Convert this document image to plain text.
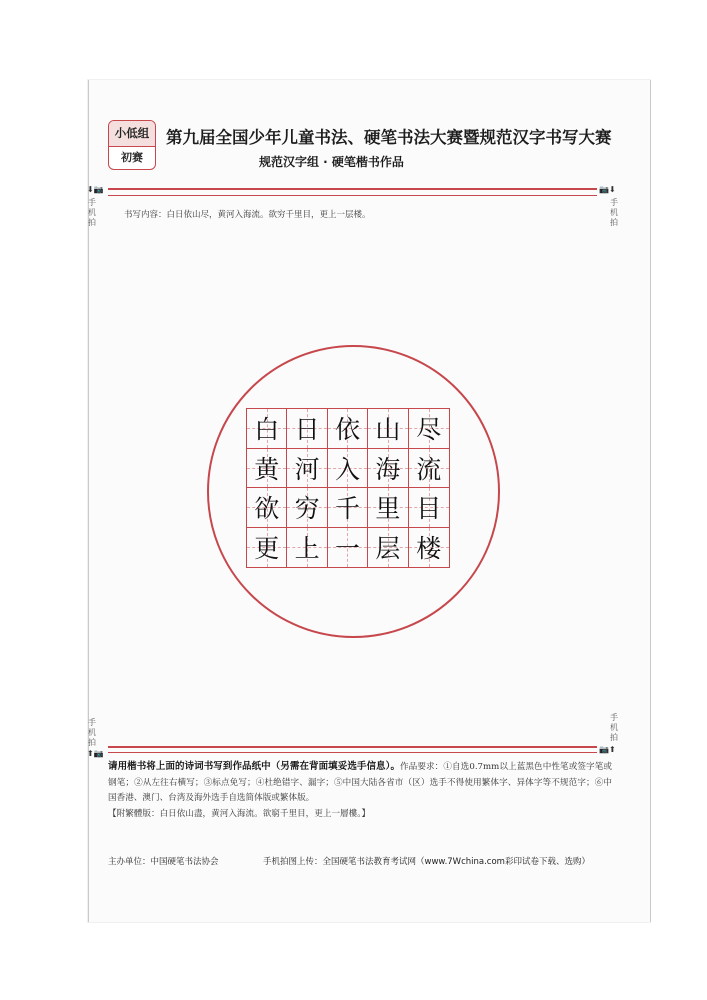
小低组
初赛
第九届全国少年儿童书法、硬笔书法大赛暨规范汉字书写大赛
规范汉字组 · 硬笔楷书作品
⬇📷	📷⬇
手机拍
手机拍
书写内容：白日依山尽，黄河入海流。欲穷千里目，更上一层楼。
白 日 依 山 尽
黄 河 入 海 流
欲 穷 千 里 目
更 上 一 层 楼
手机拍
手机拍
⬆📷	📷⬆
请用楷书将上面的诗词书写到作品纸中（另需在背面填妥选手信息）。作品要求：①自选0.7mm以上蓝黑色中性笔或签字笔或钢笔；②从左往右横写；③标点免写；④杜绝错字、漏字；⑤中国大陆各省市（区）选手不得使用繁体字、异体字等不规范字；⑥中国香港、澳门、台湾及海外选手自选简体版或繁体版。
【附繁體版：白日依山盡，黄河入海流。欲窮千里目，更上一層樓。】
主办单位：中国硬笔书法协会	手机拍图上传：全国硬笔书法教育考试网（www.7Wchina.com彩印试卷下载、选购）
